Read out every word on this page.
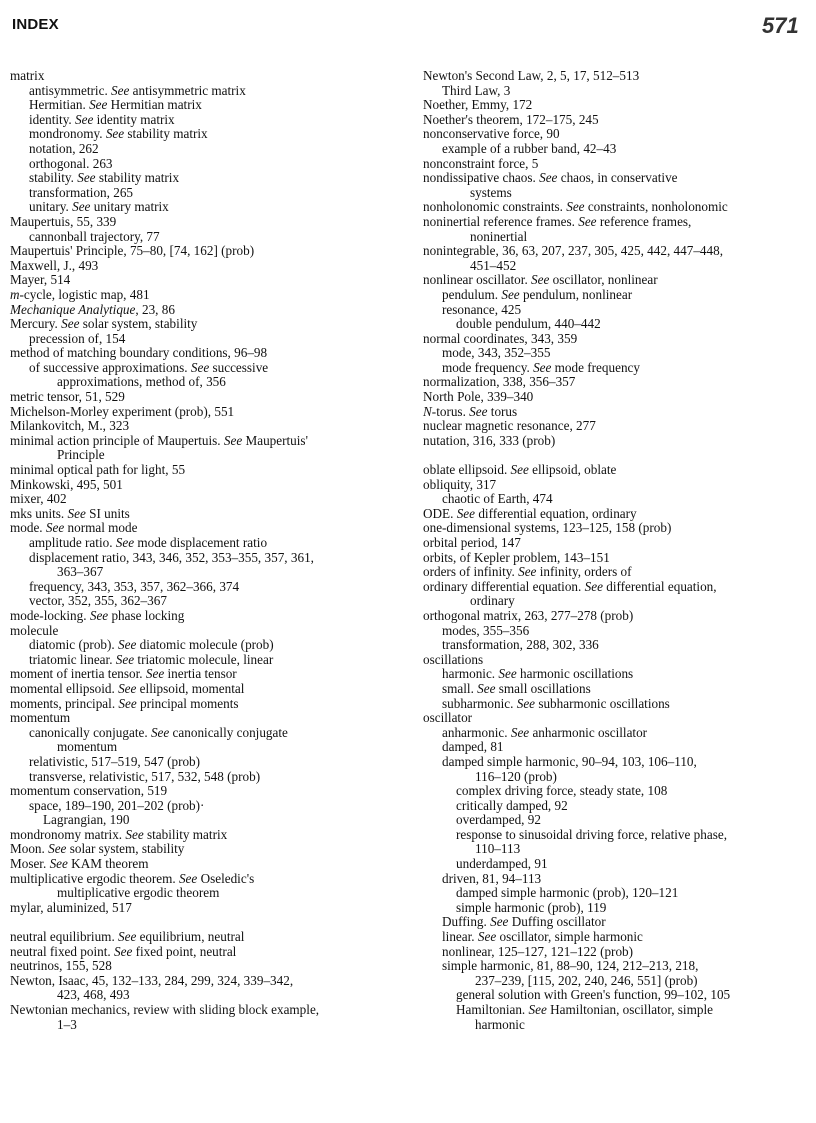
INDEX	571
matrix
antisymmetric. See antisymmetric matrix
Hermitian. See Hermitian matrix
identity. See identity matrix
mondronomy. See stability matrix
notation, 262
orthogonal. 263
stability. See stability matrix
transformation, 265
unitary. See unitary matrix
Maupertuis, 55, 339
cannonball trajectory, 77
Maupertuis' Principle, 75–80, [74, 162] (prob)
Maxwell, J., 493
Mayer, 514
m-cycle, logistic map, 481
Mechanique Analytique, 23, 86
Mercury. See solar system, stability
precession of, 154
method of matching boundary conditions, 96–98
of successive approximations. See successive
approximations, method of, 356
metric tensor, 51, 529
Michelson-Morley experiment (prob), 551
Milankovitch, M., 323
minimal action principle of Maupertuis. See Maupertuis'
Principle
minimal optical path for light, 55
Minkowski, 495, 501
mixer, 402
mks units. See SI units
mode. See normal mode
amplitude ratio. See mode displacement ratio
displacement ratio, 343, 346, 352, 353–355, 357, 361,
363–367
frequency, 343, 353, 357, 362–366, 374
vector, 352, 355, 362–367
mode-locking. See phase locking
molecule
diatomic (prob). See diatomic molecule (prob)
triatomic linear. See triatomic molecule, linear
moment of inertia tensor. See inertia tensor
momental ellipsoid. See ellipsoid, momental
moments, principal. See principal moments
momentum
canonically conjugate. See canonically conjugate
momentum
relativistic, 517–519, 547 (prob)
transverse, relativistic, 517, 532, 548 (prob)
momentum conservation, 519
space, 189–190, 201–202 (prob)·
Lagrangian, 190
mondronomy matrix. See stability matrix
Moon. See solar system, stability
Moser. See KAM theorem
multiplicative ergodic theorem. See Oseledic's
multiplicative ergodic theorem
mylar, aluminized, 517
neutral equilibrium. See equilibrium, neutral
neutral fixed point. See fixed point, neutral
neutrinos, 155, 528
Newton, Isaac, 45, 132–133, 284, 299, 324, 339–342,
423, 468, 493
Newtonian mechanics, review with sliding block example,
1–3
Newton's Second Law, 2, 5, 17, 512–513
Third Law, 3
Noether, Emmy, 172
Noether's theorem, 172–175, 245
nonconservative force, 90
example of a rubber band, 42–43
nonconstraint force, 5
nondissipative chaos. See chaos, in conservative
systems
nonholonomic constraints. See constraints, nonholonomic
noninertial reference frames. See reference frames,
noninertial
nonintegrable, 36, 63, 207, 237, 305, 425, 442, 447–448,
451–452
nonlinear oscillator. See oscillator, nonlinear
pendulum. See pendulum, nonlinear
resonance, 425
double pendulum, 440–442
normal coordinates, 343, 359
mode, 343, 352–355
mode frequency. See mode frequency
normalization, 338, 356–357
North Pole, 339–340
N-torus. See torus
nuclear magnetic resonance, 277
nutation, 316, 333 (prob)
oblate ellipsoid. See ellipsoid, oblate
obliquity, 317
chaotic of Earth, 474
ODE. See differential equation, ordinary
one-dimensional systems, 123–125, 158 (prob)
orbital period, 147
orbits, of Kepler problem, 143–151
orders of infinity. See infinity, orders of
ordinary differential equation. See differential equation,
ordinary
orthogonal matrix, 263, 277–278 (prob)
modes, 355–356
transformation, 288, 302, 336
oscillations
harmonic. See harmonic oscillations
small. See small oscillations
subharmonic. See subharmonic oscillations
oscillator
anharmonic. See anharmonic oscillator
damped, 81
damped simple harmonic, 90–94, 103, 106–110,
116–120 (prob)
complex driving force, steady state, 108
critically damped, 92
overdamped, 92
response to sinusoidal driving force, relative phase,
110–113
underdamped, 91
driven, 81, 94–113
damped simple harmonic (prob), 120–121
simple harmonic (prob), 119
Duffing. See Duffing oscillator
linear. See oscillator, simple harmonic
nonlinear, 125–127, 121–122 (prob)
simple harmonic, 81, 88–90, 124, 212–213, 218,
237–239, [115, 202, 240, 246, 551] (prob)
general solution with Green's function, 99–102, 105
Hamiltonian. See Hamiltonian, oscillator, simple
harmonic
